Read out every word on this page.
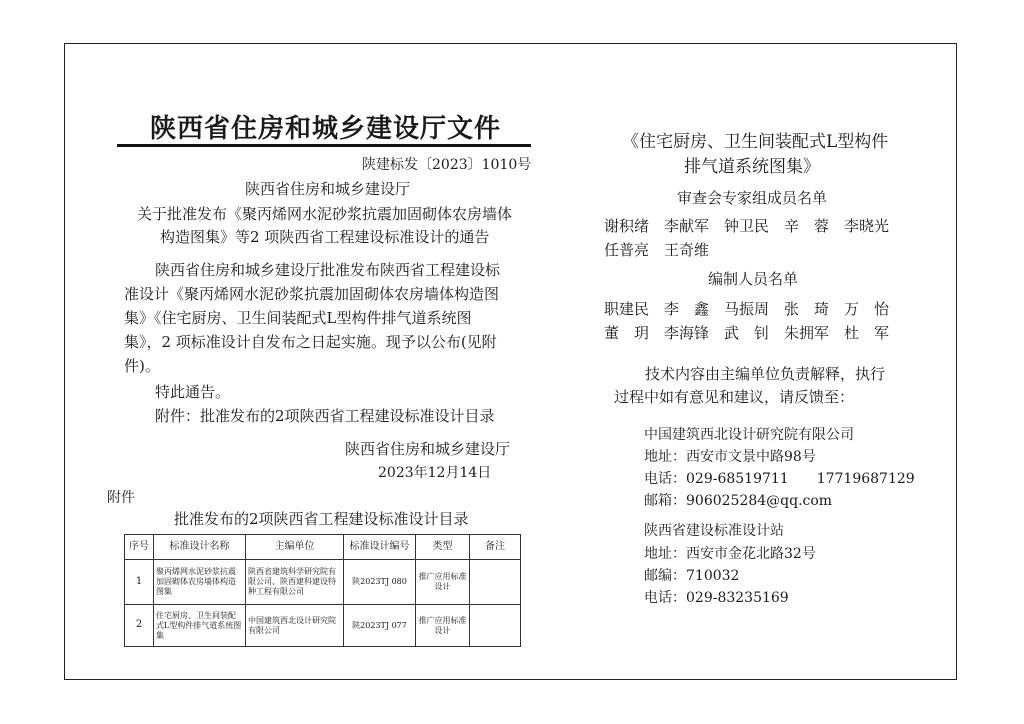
陕西省住房和城乡建设厅文件
陕建标发〔2023〕1010号
陕西省住房和城乡建设厅
关于批准发布《聚丙烯网水泥砂浆抗震加固砌体农房墙体
构造图集》等2 项陕西省工程建设标准设计的通告
陕西省住房和城乡建设厅批准发布陕西省工程建设标
准设计《聚丙烯网水泥砂浆抗震加固砌体农房墙体构造图
集》《住宅厨房、卫生间装配式L型构件排气道系统图
集》，2 项标准设计自发布之日起实施。现予以公布(见附
件)。
特此通告。
附件：批准发布的2项陕西省工程建设标准设计目录
陕西省住房和城乡建设厅
2023年12月14日
附件
批准发布的2项陕西省工程建设标准设计目录
序号	标准设计名称	主编单位	标准设计编号	类型	备注
1	聚丙烯网水泥砂浆抗震加固砌体农房墙体构造图集	陕西省建筑科学研究院有限公司、陕西建科建设特种工程有限公司	陕2023TJ 080	推广应用标准设计	
2	住宅厨房、卫生间装配式L型构件排气道系统图集	中国建筑西北设计研究院有限公司	陕2023TJ 077	推广应用标准设计	
《住宅厨房、卫生间装配式L型构件
排气道系统图集》
审查会专家组成员名单
谢积绪　李献军　钟卫民　辛　蓉　李晓光
任普亮　王奇维
编制人员名单
职建民　李　鑫　马振周　张　琦　万　怡
董　玥　李海锋　武　钊　朱拥军　杜　军
技术内容由主编单位负责解释，执行
过程中如有意见和建议，请反馈至：
中国建筑西北设计研究院有限公司
地址：西安市文景中路98号
电话：029-68519711　　17719687129
邮箱：906025284@qq.com
陕西省建设标准设计站
地址：西安市金花北路32号
邮编：710032
电话：029-83235169
